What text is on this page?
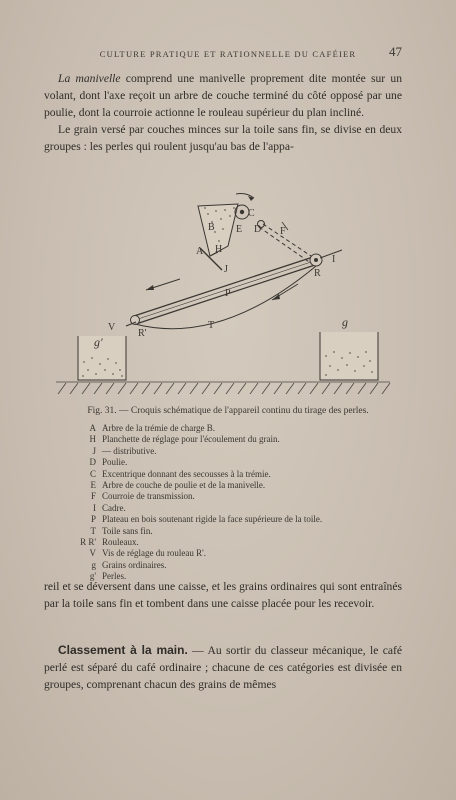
CULTURE PRATIQUE ET RATIONNELLE DU CAFÉIER	47
La manivelle comprend une manivelle proprement dite montée sur un volant, dont l'axe reçoit un arbre de couche terminé du côté opposé par une poulie, dont la courroie actionne le rouleau supérieur du plan incliné.
Le grain versé par couches minces sur la toile sans fin, se divise en deux groupes : les perles qui roulent jusqu'au bas de l'appa-
B
C
E D F
A H
J
I
R
P
T
V
R'
g'
g
Fig. 31. — Croquis schématique de l'appareil continu du tirage des perles.
A Arbre de la trémie de charge B.
H Planchette de réglage pour l'écoulement du grain.
J — distributive.
D Poulie.
C Excentrique donnant des secousses à la trémie.
E Arbre de couche de poulie et de la manivelle.
F Courroie de transmission.
I Cadre.
P Plateau en bois soutenant rigide la face supérieure de la toile.
T Toile sans fin.
R R' Rouleaux.
V Vis de réglage du rouleau R'.
g Grains ordinaires.
g' Perles.
reil et se déversent dans une caisse, et les grains ordinaires qui sont entraînés par la toile sans fin et tombent dans une caisse placée pour les recevoir.
Classement à la main. — Au sortir du classeur mécanique, le café perlé est séparé du café ordinaire ; chacune de ces catégories est divisée en groupes, comprenant chacun des grains de mêmes
